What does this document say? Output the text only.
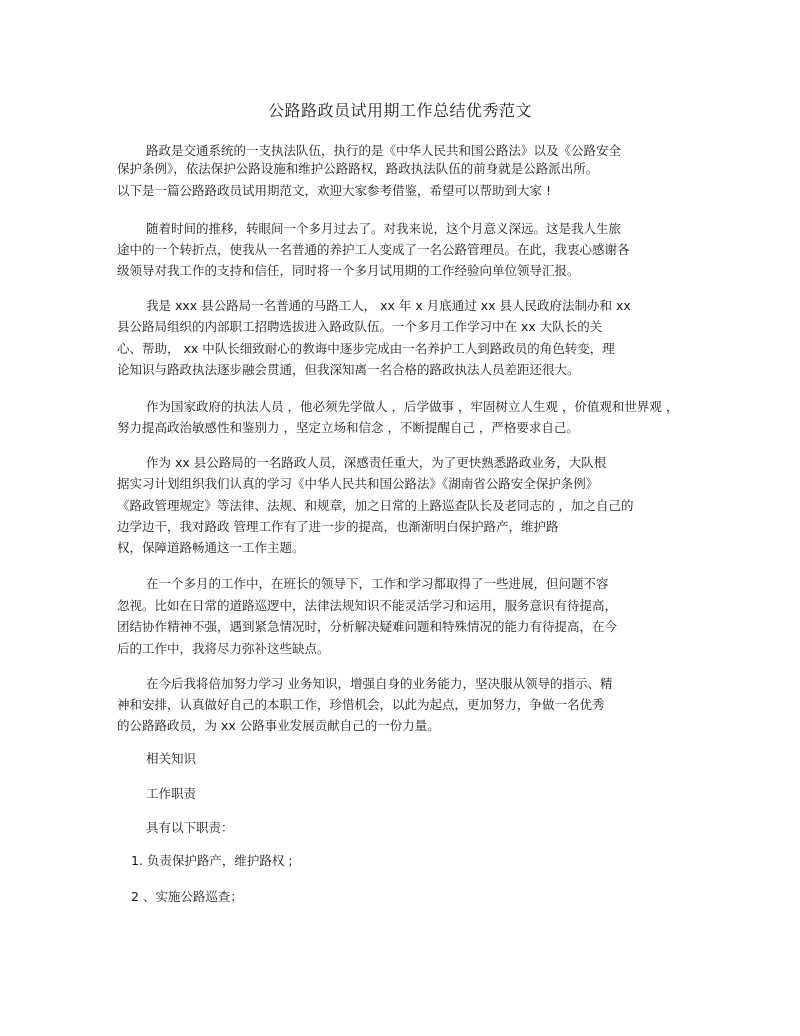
公路路政员试用期工作总结优秀范文
路政是交通系统的一支执法队伍，执行的是《中华人民共和国公路法》以及《公路安全
保护条例》，依法保护公路设施和维护公路路权，路政执法队伍的前身就是公路派出所。
以下是一篇公路路政员试用期范文，欢迎大家参考借鉴，希望可以帮助到大家 !
随着时间的推移，转眼间一个多月过去了。对我来说，这个月意义深远。这是我人生旅
途中的一个转折点，使我从一名普通的养护工人变成了一名公路管理员。在此，我衷心感谢各
级领导对我工作的支持和信任，同时将一个多月试用期的工作经验向单位领导汇报。
我是 xxx 县公路局一名普通的马路工人， xx 年 x 月底通过 xx 县人民政府法制办和 xx
县公路局组织的内部职工招聘选拔进入路政队伍。一个多月工作学习中在 xx 大队长的关
心、帮助， xx 中队长细致耐心的教诲中逐步完成由一名养护工人到路政员的角色转变，理
论知识与路政执法逐步融会贯通，但我深知离一名合格的路政执法人员差距还很大。
作为国家政府的执法人员 ，他必须先学做人 ，后学做事 ，牢固树立人生观 ，价值观和世界观 ，
努力提高政治敏感性和鉴别力 ，坚定立场和信念 ，不断提醒自己 ，严格要求自己。
作为 xx 县公路局的一名路政人员，深感责任重大，为了更快熟悉路政业务，大队根
据实习计划组织我们认真的学习《中华人民共和国公路法》《湖南省公路安全保护条例》
《路政管理规定》等法律、法规、和规章，加之日常的上路巡查队长及老同志的 ，加之自己的
边学边干，我对路政 管理工作有了进一步的提高，也渐渐明白保护路产，维护路
权，保障道路畅通这一工作主题。
在一个多月的工作中，在班长的领导下，工作和学习都取得了一些进展，但问题不容
忽视。比如在日常的道路巡逻中，法律法规知识不能灵活学习和运用，服务意识有待提高，
团结协作精神不强，遇到紧急情况时，分析解决疑难问题和特殊情况的能力有待提高，在今
后的工作中，我将尽力弥补这些缺点。
在今后我将倍加努力学习 业务知识，增强自身的业务能力，坚决服从领导的指示、精
神和安排，认真做好自己的本职工作，珍惜机会，以此为起点，更加努力，争做一名优秀
的公路路政员，为 xx 公路事业发展贡献自己的一份力量。
相关知识
工作职责
具有以下职责：
1. 负责保护路产，维护路权 ;
2 、实施公路巡查；
